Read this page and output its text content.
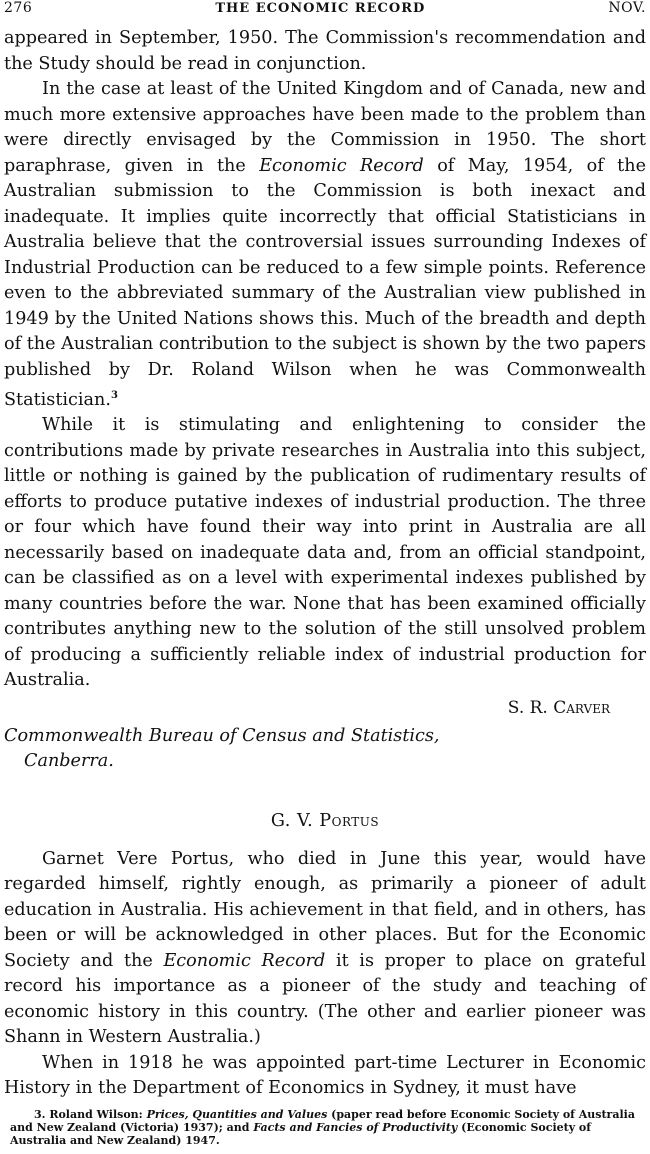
276	THE ECONOMIC RECORD	NOV.

appeared in September, 1950. The Commission's recommendation and the Study should be read in conjunction.

In the case at least of the United Kingdom and of Canada, new and much more extensive approaches have been made to the problem than were directly envisaged by the Commission in 1950. The short paraphrase, given in the Economic Record of May, 1954, of the Australian submission to the Commission is both inexact and inadequate. It implies quite incorrectly that official Statisticians in Australia believe that the controversial issues surrounding Indexes of Industrial Production can be reduced to a few simple points. Reference even to the abbreviated summary of the Australian view published in 1949 by the United Nations shows this. Much of the breadth and depth of the Australian contribution to the subject is shown by the two papers published by Dr. Roland Wilson when he was Commonwealth Statistician.$^3$

While it is stimulating and enlightening to consider the contributions made by private researches in Australia into this subject, little or nothing is gained by the publication of rudimentary results of efforts to produce putative indexes of industrial production. The three or four which have found their way into print in Australia are all necessarily based on inadequate data and, from an official standpoint, can be classified as on a level with experimental indexes published by many countries before the war. None that has been examined officially contributes anything new to the solution of the still unsolved problem of producing a sufficiently reliable index of industrial production for Australia.

S. R. Carver

Commonwealth Bureau of Census and Statistics,
Canberra.

G. V. Portus

Garnet Vere Portus, who died in June this year, would have regarded himself, rightly enough, as primarily a pioneer of adult education in Australia. His achievement in that field, and in others, has been or will be acknowledged in other places. But for the Economic Society and the Economic Record it is proper to place on grateful record his importance as a pioneer of the study and teaching of economic history in this country. (The other and earlier pioneer was Shann in Western Australia.)

When in 1918 he was appointed part-time Lecturer in Economic History in the Department of Economics in Sydney, it must have

3. Roland Wilson: Prices, Quantities and Values (paper read before Economic Society of Australia and New Zealand (Victoria) 1937); and Facts and Fancies of Productivity (Economic Society of Australia and New Zealand) 1947.
